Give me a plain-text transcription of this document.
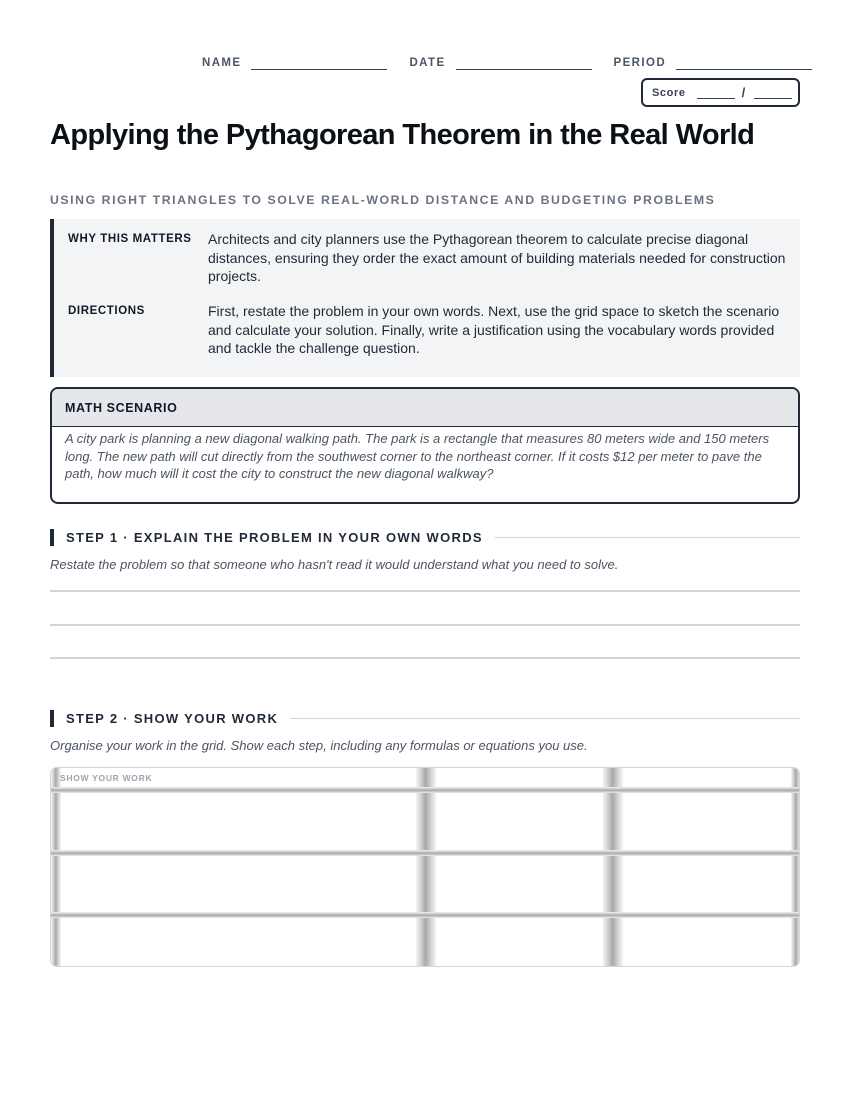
NAME	DATE	PERIOD
Score	/
Applying the Pythagorean Theorem in the Real World
USING RIGHT TRIANGLES TO SOLVE REAL-WORLD DISTANCE AND BUDGETING PROBLEMS
WHY THIS MATTERS	Architects and city planners use the Pythagorean theorem to calculate precise diagonal distances, ensuring they order the exact amount of building materials needed for construction projects.
DIRECTIONS	First, restate the problem in your own words. Next, use the grid space to sketch the scenario and calculate your solution. Finally, write a justification using the vocabulary words provided and tackle the challenge question.
MATH SCENARIO

A city park is planning a new diagonal walking path. The park is a rectangle that measures 80 meters wide and 150 meters long. The new path will cut directly from the southwest corner to the northeast corner. If it costs $12 per meter to pave the path, how much will it cost the city to construct the new diagonal walkway?

STEP 1 · EXPLAIN THE PROBLEM IN YOUR OWN WORDS

Restate the problem so that someone who hasn't read it would understand what you need to solve.

STEP 2 · SHOW YOUR WORK

Organise your work in the grid. Show each step, including any formulas or equations you use.

SHOW YOUR WORK
